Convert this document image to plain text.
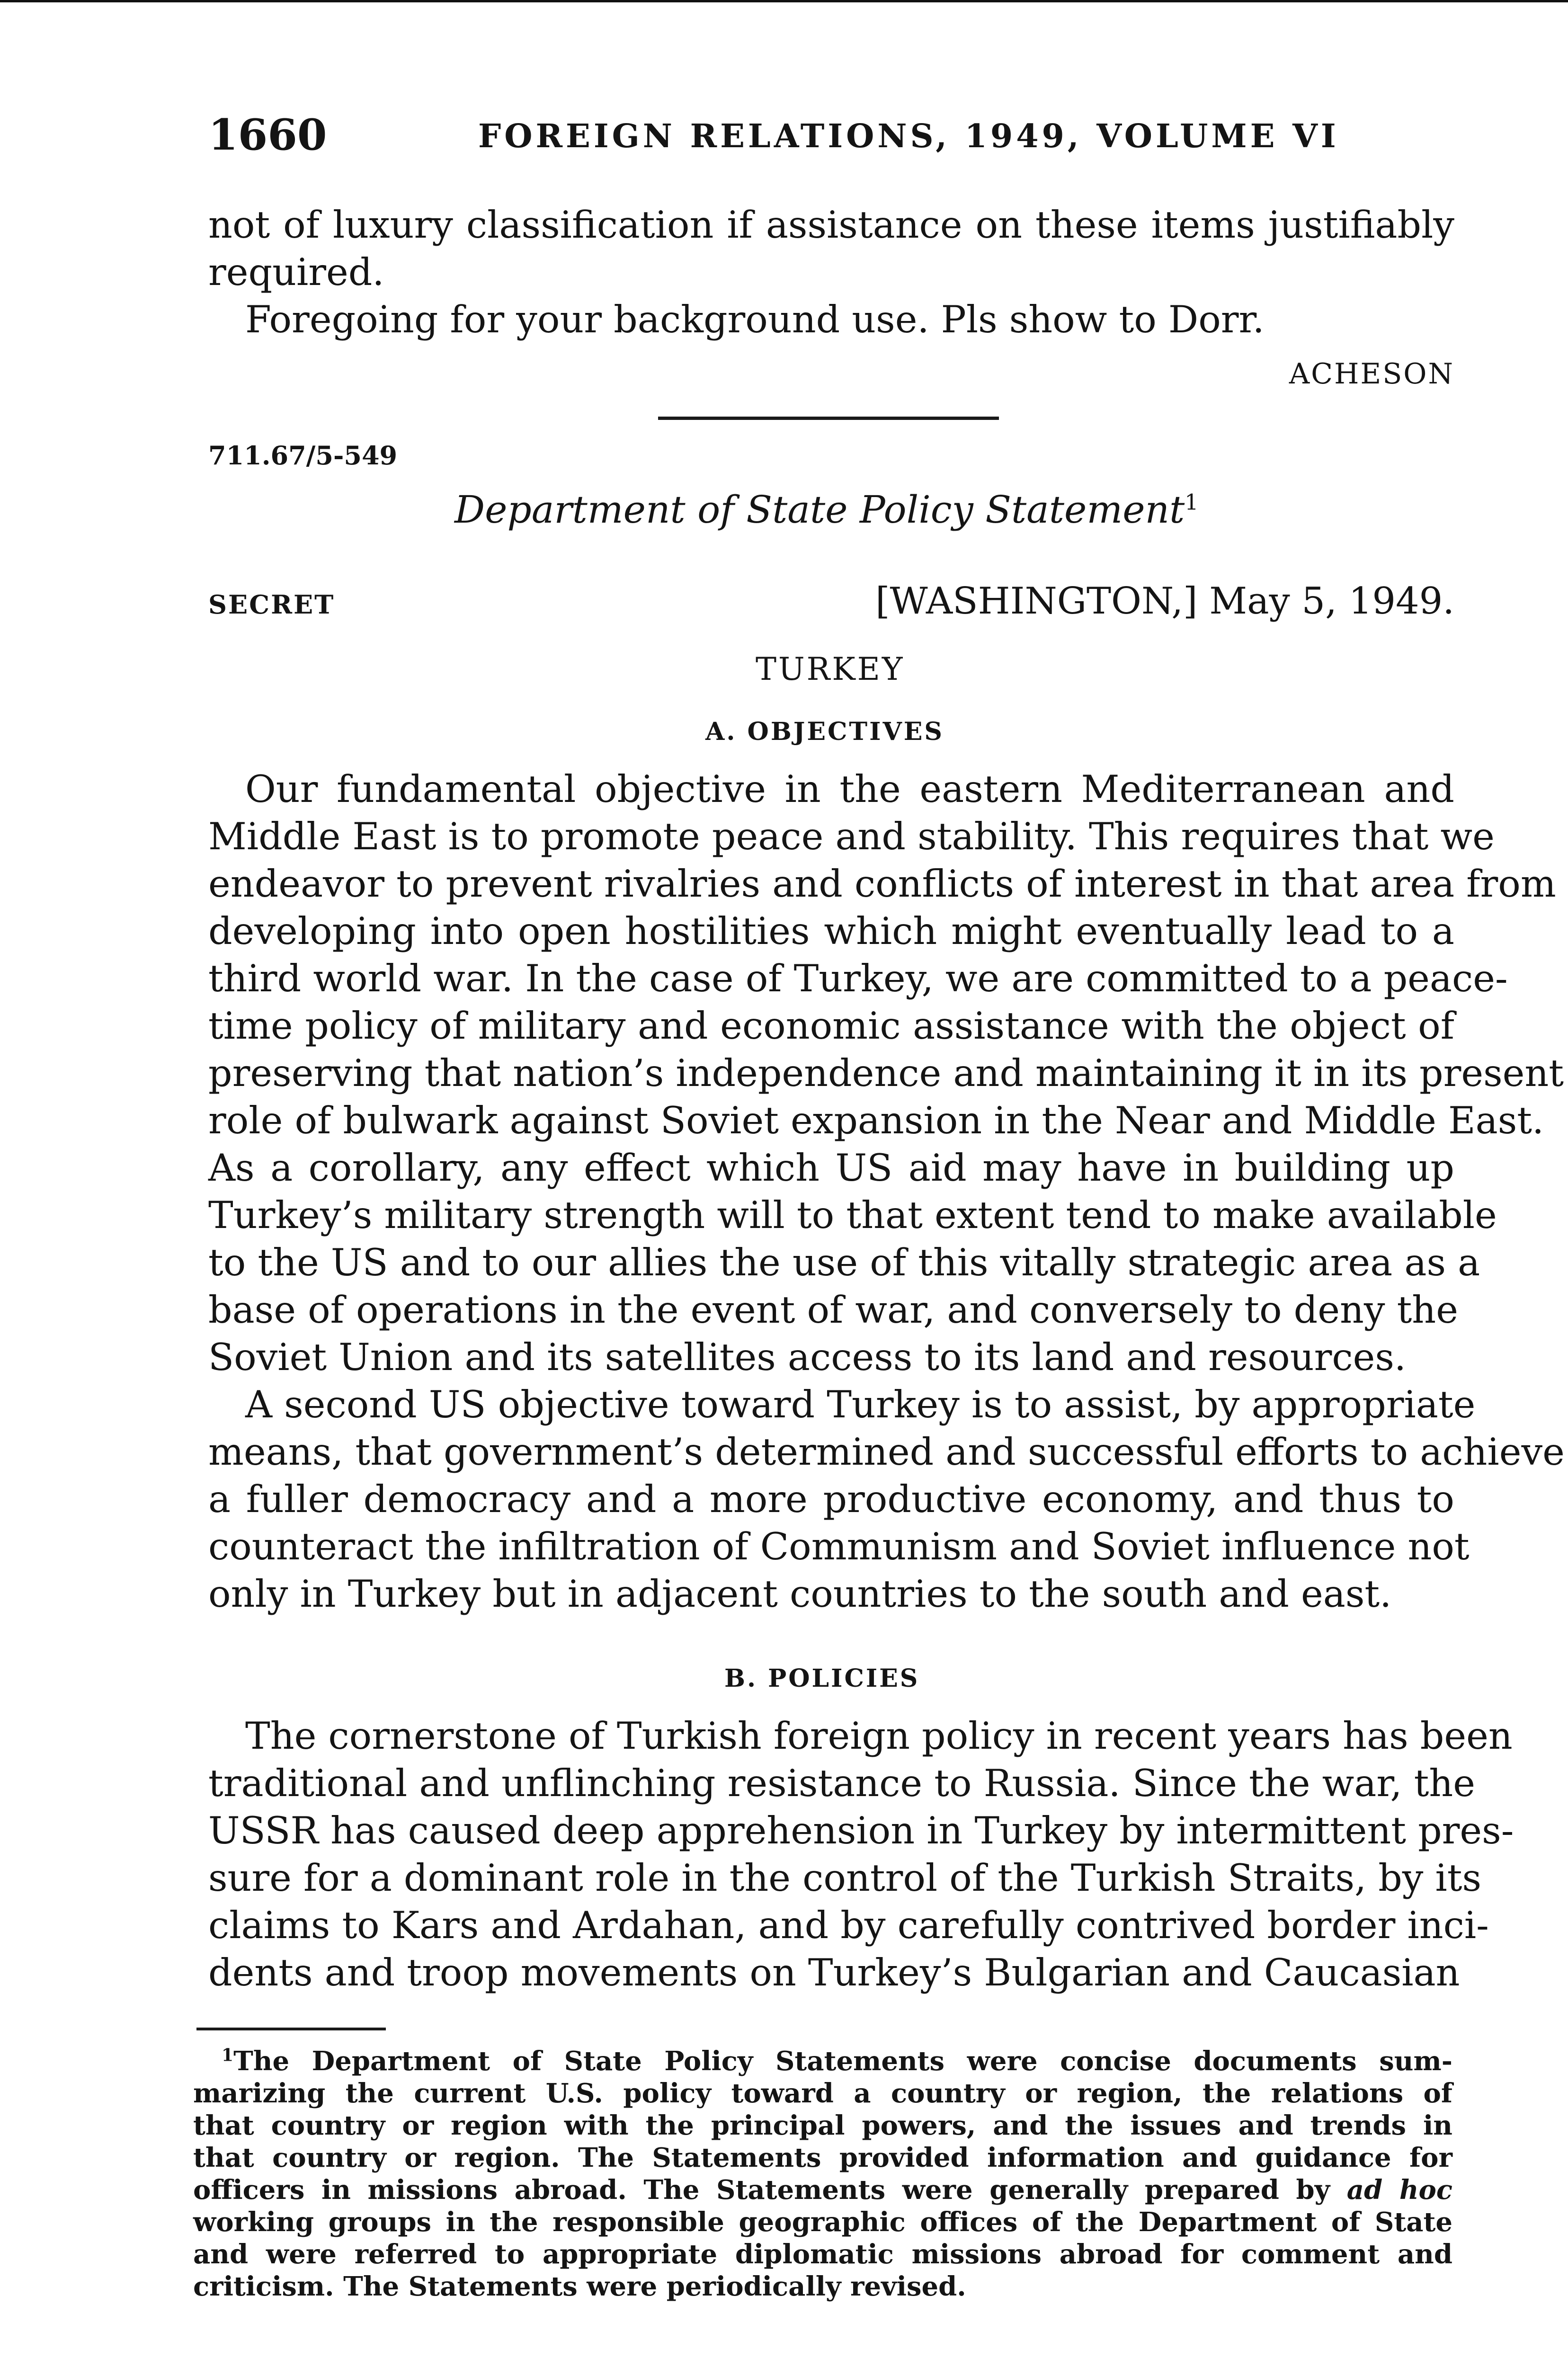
1660	FOREIGN RELATIONS, 1949, VOLUME VI
not of luxury classification if assistance on these items justifiably
required.
Foregoing for your background use. Pls show to Dorr.
ACHESON
711.67/5-549
Department of State Policy Statement$^1$
SECRET	[WASHINGTON,] May 5, 1949.
TURKEY
A. OBJECTIVES
Our fundamental objective in the eastern Mediterranean and
Middle East is to promote peace and stability. This requires that we
endeavor to prevent rivalries and conflicts of interest in that area from
developing into open hostilities which might eventually lead to a
third world war. In the case of Turkey, we are committed to a peace-
time policy of military and economic assistance with the object of
preserving that nation’s independence and maintaining it in its present
role of bulwark against Soviet expansion in the Near and Middle East.
As a corollary, any effect which US aid may have in building up
Turkey’s military strength will to that extent tend to make available
to the US and to our allies the use of this vitally strategic area as a
base of operations in the event of war, and conversely to deny the
Soviet Union and its satellites access to its land and resources.
A second US objective toward Turkey is to assist, by appropriate
means, that government’s determined and successful efforts to achieve
a fuller democracy and a more productive economy, and thus to
counteract the infiltration of Communism and Soviet influence not
only in Turkey but in adjacent countries to the south and east.
B. POLICIES
The cornerstone of Turkish foreign policy in recent years has been
traditional and unflinching resistance to Russia. Since the war, the
USSR has caused deep apprehension in Turkey by intermittent pres-
sure for a dominant role in the control of the Turkish Straits, by its
claims to Kars and Ardahan, and by carefully contrived border inci-
dents and troop movements on Turkey’s Bulgarian and Caucasian
$^1$The Department of State Policy Statements were concise documents sum-
marizing the current U.S. policy toward a country or region, the relations of
that country or region with the principal powers, and the issues and trends in
that country or region. The Statements provided information and guidance for
officers in missions abroad. The Statements were generally prepared by ad hoc
working groups in the responsible geographic offices of the Department of State
and were referred to appropriate diplomatic missions abroad for comment and
criticism. The Statements were periodically revised.
